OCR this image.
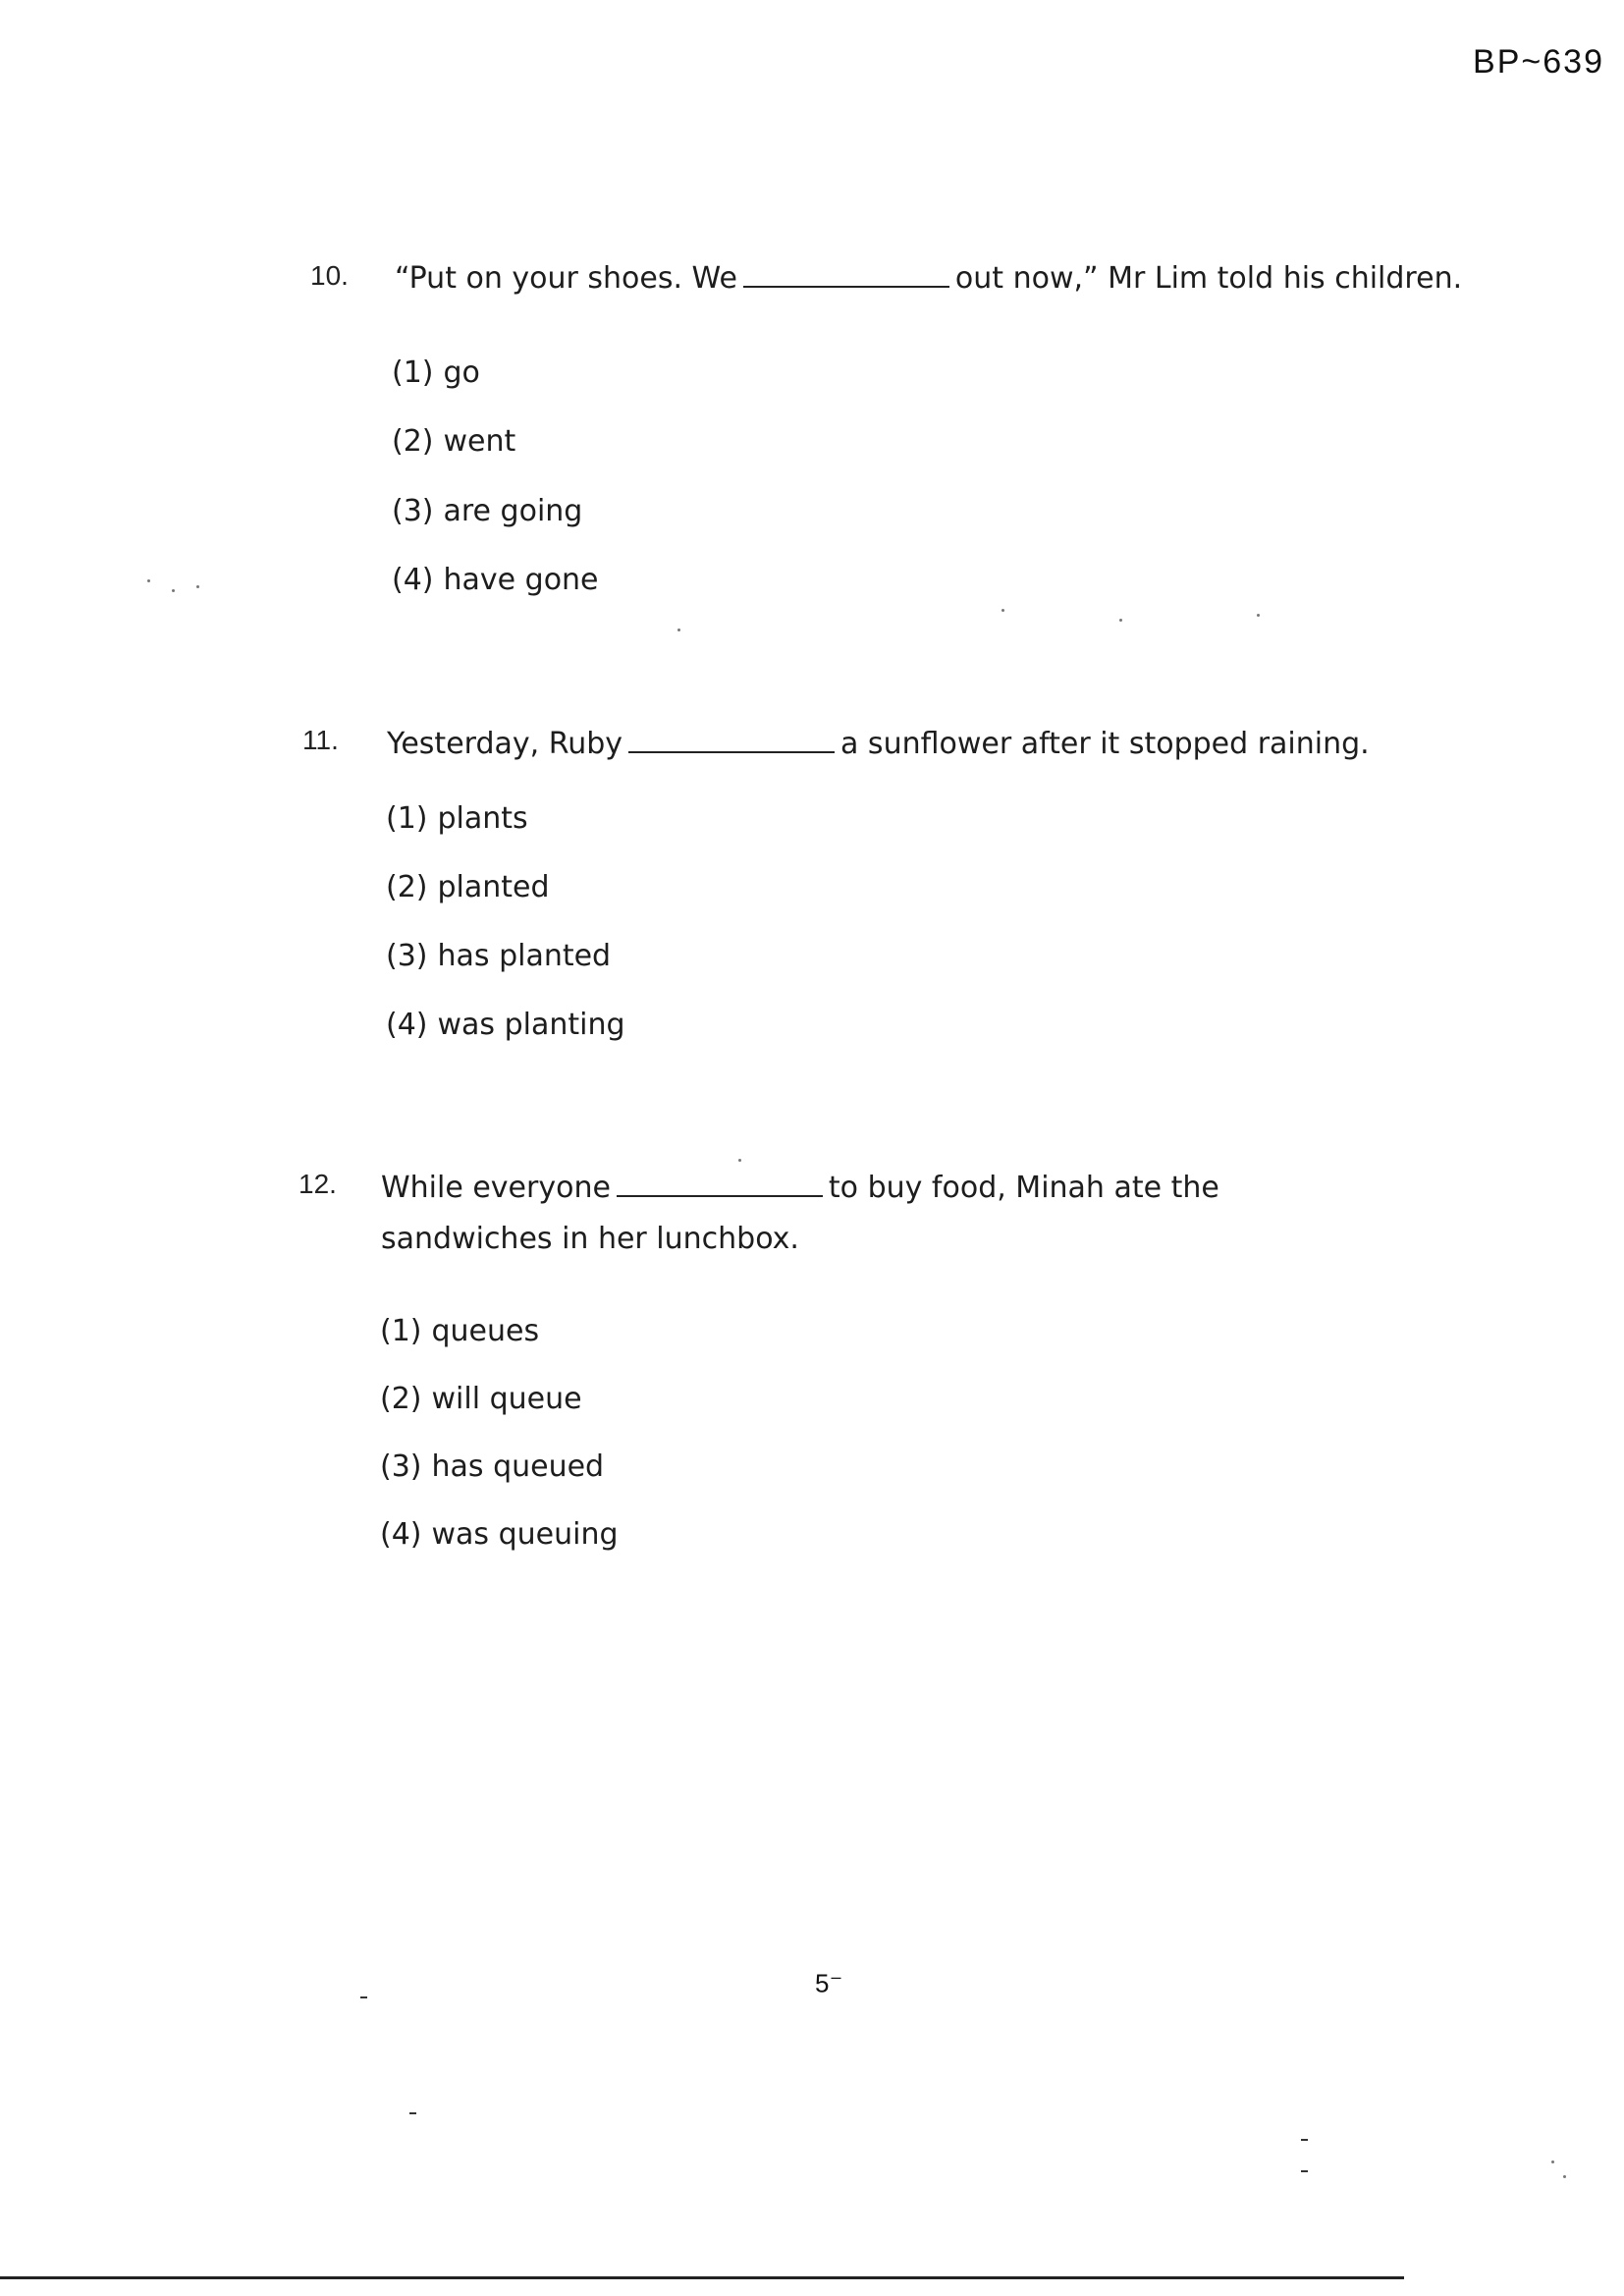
BP~639
10. “Put on your shoes. We	out now,” Mr Lim told his children.
(1) go
(2) went
(3) are going
(4) have gone
11. Yesterday, Ruby	a sunflower after it stopped raining.
(1) plants
(2) planted
(3) has planted
(4) was planting
12. While everyone	to buy food, Minah ate the
sandwiches in her lunchbox.
(1) queues
(2) will queue
(3) has queued
(4) was queuing
5 –
